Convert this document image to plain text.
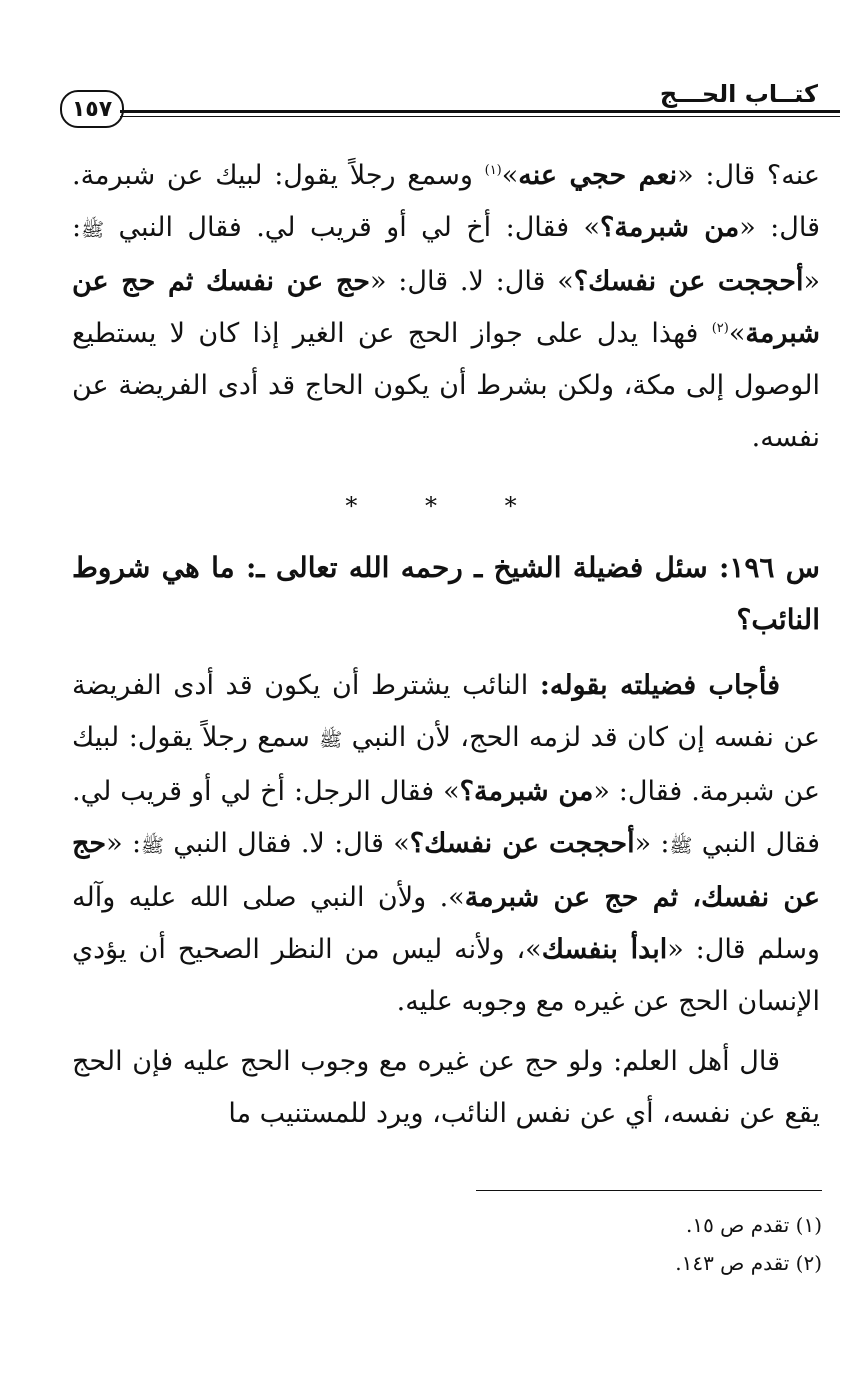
كتــاب الحـــج
١٥٧

عنه؟ قال: «نعم حجي عنه»$^{(١)}$ وسمع رجلاً يقول: لبيك عن شبرمة. قال: «من شبرمة؟» فقال: أخ لي أو قريب لي. فقال النبي ﷺ: «أحججت عن نفسك؟» قال: لا. قال: «حج عن نفسك ثم حج عن شبرمة»$^{(٢)}$ فهذا يدل على جواز الحج عن الغير إذا كان لا يستطيع الوصول إلى مكة، ولكن بشرط أن يكون الحاج قد أدى الفريضة عن نفسه.

* * *

س ١٩٦: سئل فضيلة الشيخ ـ رحمه الله تعالى ـ: ما هي شروط النائب؟

فأجاب فضيلته بقوله: النائب يشترط أن يكون قد أدى الفريضة عن نفسه إن كان قد لزمه الحج، لأن النبي ﷺ سمع رجلاً يقول: لبيك عن شبرمة. فقال: «من شبرمة؟» فقال الرجل: أخ لي أو قريب لي. فقال النبي ﷺ: «أحججت عن نفسك؟» قال: لا. فقال النبي ﷺ: «حج عن نفسك، ثم حج عن شبرمة». ولأن النبي صلى الله عليه وآله وسلم قال: «ابدأ بنفسك»، ولأنه ليس من النظر الصحيح أن يؤدي الإنسان الحج عن غيره مع وجوبه عليه.

قال أهل العلم: ولو حج عن غيره مع وجوب الحج عليه فإن الحج يقع عن نفسه، أي عن نفس النائب، ويرد للمستنيب ما

(١) تقدم ص ١٥.

(٢) تقدم ص ١٤٣.
